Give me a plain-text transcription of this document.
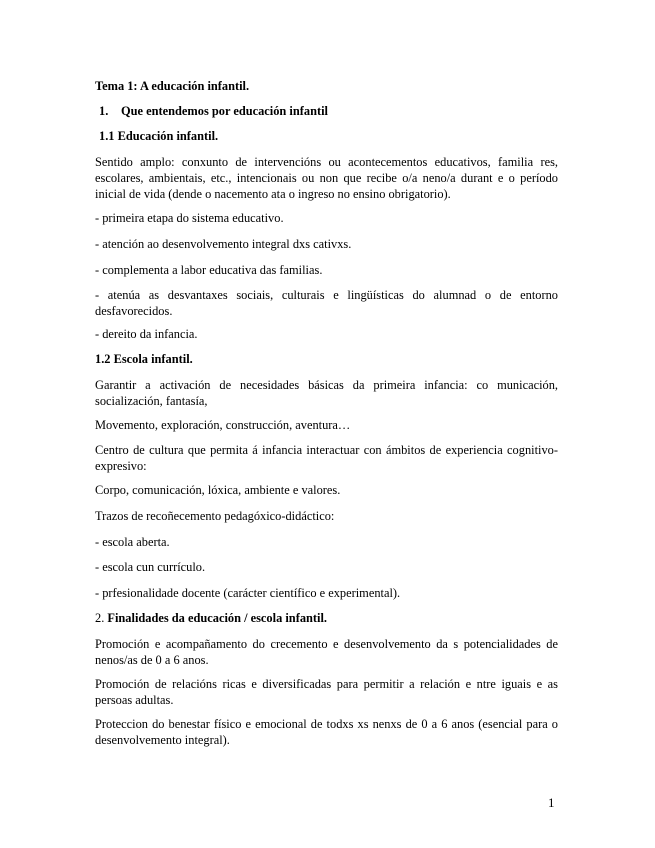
Tema 1: A educación infantil.

1. Que entendemos por educación infantil

1.1 Educación infantil.

Sentido amplo: conxunto de intervencións ou acontecementos educativos, familia res, escolares, ambientais, etc., intencionais ou non que recibe o/a neno/a durant e o período inicial de vida (dende o nacemento ata o ingreso no ensino obrigatorio).

- primeira etapa do sistema educativo.

- atención ao desenvolvemento integral dxs cativxs.

- complementa a labor educativa das familias.

- atenúa as desvantaxes sociais, culturais e lingüísticas do alumnad o de entorno desfavorecidos.

- dereito da infancia.

1.2 Escola infantil.

Garantir a activación de necesidades básicas da primeira infancia: co municación, socialización, fantasía,

Movemento, exploración, construcción, aventura…

Centro de cultura que permita á infancia interactuar con ámbitos de experiencia cognitivo-expresivo:

Corpo, comunicación, lóxica, ambiente e valores.

Trazos de recoñecemento pedagóxico-didáctico:

- escola aberta.

- escola cun currículo.

- prfesionalidade docente (carácter científico e experimental).

2. Finalidades da educación / escola infantil.

Promoción e acompañamento do crecemento e desenvolvemento da s potencialidades de nenos/as de 0 a 6 anos.

Promoción de relacións ricas e diversificadas para permitir a relación e ntre iguais e as persoas adultas.

Proteccion do benestar físico e emocional de todxs xs nenxs de 0 a 6 anos (esencial para o desenvolvemento integral).

1
